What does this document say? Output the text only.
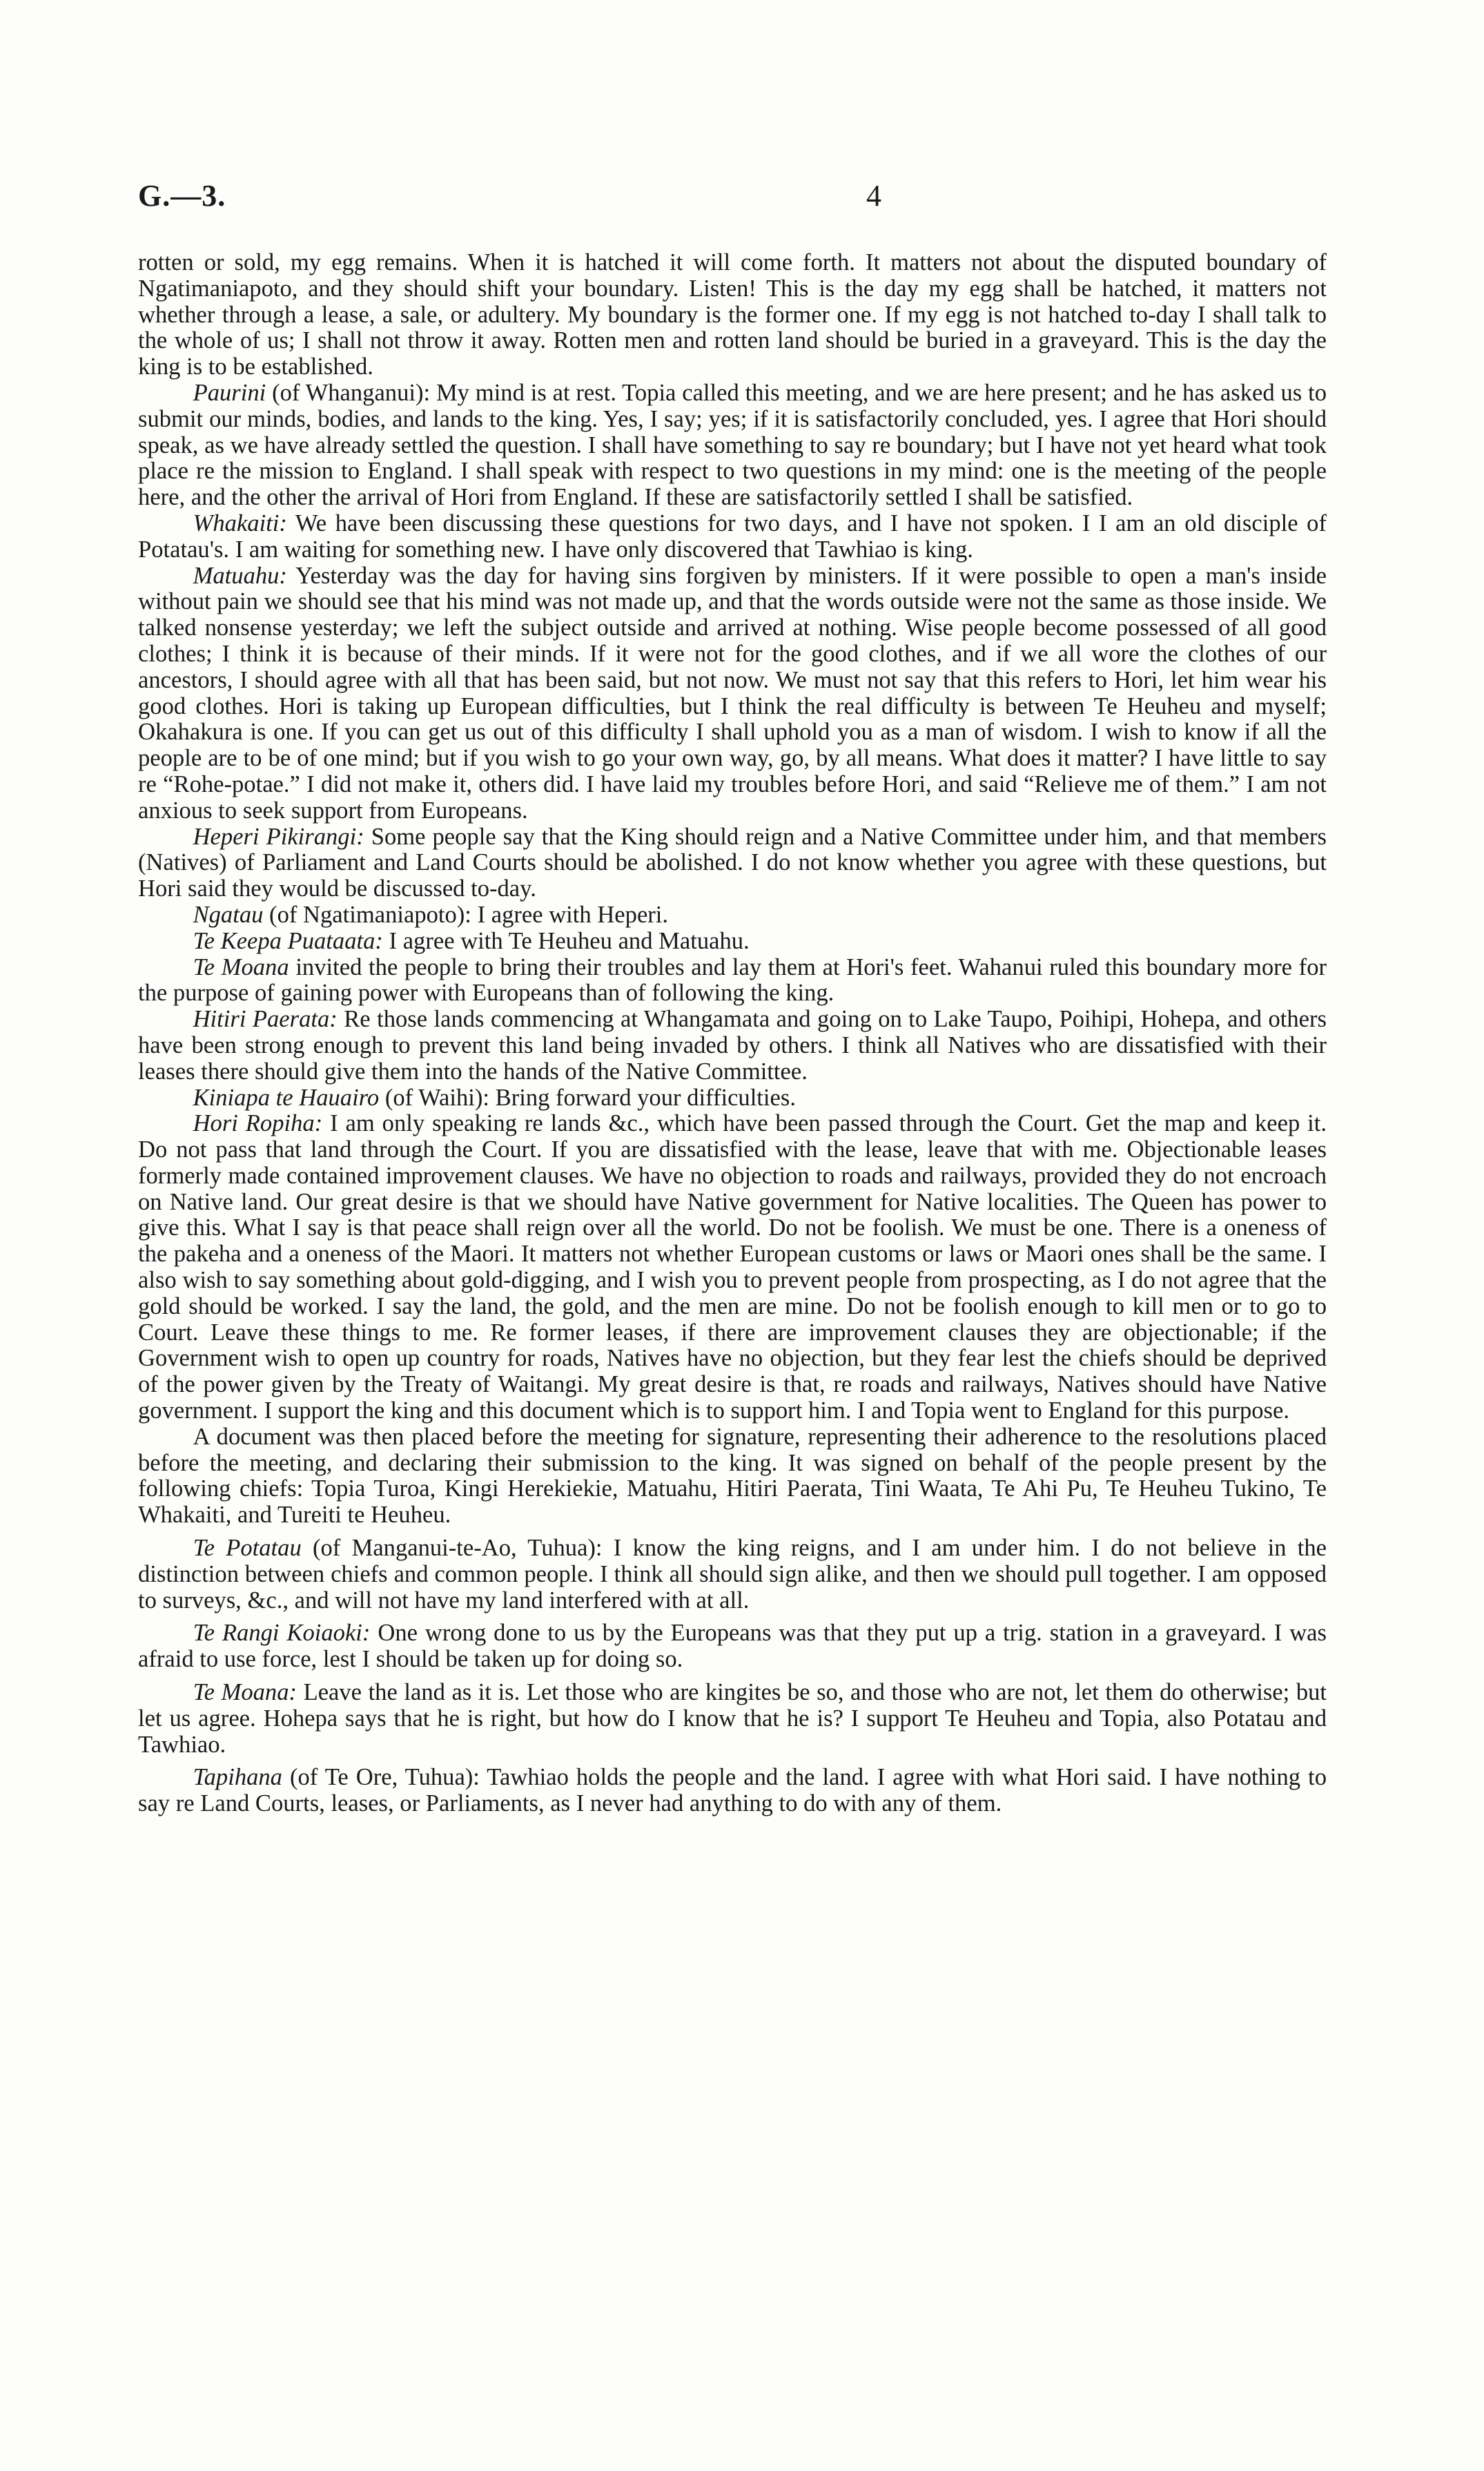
G.—3.	4

rotten or sold, my egg remains. When it is hatched it will come forth. It matters not about the disputed boundary of Ngatimaniapoto, and they should shift your boundary. Listen! This is the day my egg shall be hatched, it matters not whether through a lease, a sale, or adultery. My boundary is the former one. If my egg is not hatched to-day I shall talk to the whole of us; I shall not throw it away. Rotten men and rotten land should be buried in a graveyard. This is the day the king is to be established.

Paurini (of Whanganui): My mind is at rest. Topia called this meeting, and we are here present; and he has asked us to submit our minds, bodies, and lands to the king. Yes, I say; yes; if it is satisfactorily concluded, yes. I agree that Hori should speak, as we have already settled the question. I shall have something to say re boundary; but I have not yet heard what took place re the mission to England. I shall speak with respect to two questions in my mind: one is the meeting of the people here, and the other the arrival of Hori from England. If these are satisfactorily settled I shall be satisfied.

Whakaiti: We have been discussing these questions for two days, and I have not spoken. I I am an old disciple of Potatau's. I am waiting for something new. I have only discovered that Tawhiao is king.

Matuahu: Yesterday was the day for having sins forgiven by ministers. If it were possible to open a man's inside without pain we should see that his mind was not made up, and that the words outside were not the same as those inside. We talked nonsense yesterday; we left the subject outside and arrived at nothing. Wise people become possessed of all good clothes; I think it is because of their minds. If it were not for the good clothes, and if we all wore the clothes of our ancestors, I should agree with all that has been said, but not now. We must not say that this refers to Hori, let him wear his good clothes. Hori is taking up European difficulties, but I think the real difficulty is between Te Heuheu and myself; Okahakura is one. If you can get us out of this difficulty I shall uphold you as a man of wisdom. I wish to know if all the people are to be of one mind; but if you wish to go your own way, go, by all means. What does it matter? I have little to say re “Rohe-potae.” I did not make it, others did. I have laid my troubles before Hori, and said “Relieve me of them.” I am not anxious to seek support from Europeans.

Heperi Pikirangi: Some people say that the King should reign and a Native Committee under him, and that members (Natives) of Parliament and Land Courts should be abolished. I do not know whether you agree with these questions, but Hori said they would be discussed to-day.

Ngatau (of Ngatimaniapoto): I agree with Heperi.

Te Keepa Puataata: I agree with Te Heuheu and Matuahu.

Te Moana invited the people to bring their troubles and lay them at Hori's feet. Wahanui ruled this boundary more for the purpose of gaining power with Europeans than of following the king.

Hitiri Paerata: Re those lands commencing at Whangamata and going on to Lake Taupo, Poihipi, Hohepa, and others have been strong enough to prevent this land being invaded by others. I think all Natives who are dissatisfied with their leases there should give them into the hands of the Native Committee.

Kiniapa te Hauairo (of Waihi): Bring forward your difficulties.

Hori Ropiha: I am only speaking re lands &c., which have been passed through the Court. Get the map and keep it. Do not pass that land through the Court. If you are dissatisfied with the lease, leave that with me. Objectionable leases formerly made contained improvement clauses. We have no objection to roads and railways, provided they do not encroach on Native land. Our great desire is that we should have Native government for Native localities. The Queen has power to give this. What I say is that peace shall reign over all the world. Do not be foolish. We must be one. There is a oneness of the pakeha and a oneness of the Maori. It matters not whether European customs or laws or Maori ones shall be the same. I also wish to say something about gold-digging, and I wish you to prevent people from prospecting, as I do not agree that the gold should be worked. I say the land, the gold, and the men are mine. Do not be foolish enough to kill men or to go to Court. Leave these things to me. Re former leases, if there are improvement clauses they are objectionable; if the Government wish to open up country for roads, Natives have no objection, but they fear lest the chiefs should be deprived of the power given by the Treaty of Waitangi. My great desire is that, re roads and railways, Natives should have Native government. I support the king and this document which is to support him. I and Topia went to England for this purpose.

A document was then placed before the meeting for signature, representing their adherence to the resolutions placed before the meeting, and declaring their submission to the king. It was signed on behalf of the people present by the following chiefs: Topia Turoa, Kingi Herekiekie, Matuahu, Hitiri Paerata, Tini Waata, Te Ahi Pu, Te Heuheu Tukino, Te Whakaiti, and Tureiti te Heuheu.

Te Potatau (of Manganui-te-Ao, Tuhua): I know the king reigns, and I am under him. I do not believe in the distinction between chiefs and common people. I think all should sign alike, and then we should pull together. I am opposed to surveys, &c., and will not have my land interfered with at all.

Te Rangi Koiaoki: One wrong done to us by the Europeans was that they put up a trig. station in a graveyard. I was afraid to use force, lest I should be taken up for doing so.

Te Moana: Leave the land as it is. Let those who are kingites be so, and those who are not, let them do otherwise; but let us agree. Hohepa says that he is right, but how do I know that he is? I support Te Heuheu and Topia, also Potatau and Tawhiao.

Tapihana (of Te Ore, Tuhua): Tawhiao holds the people and the land. I agree with what Hori said. I have nothing to say re Land Courts, leases, or Parliaments, as I never had anything to do with any of them.
